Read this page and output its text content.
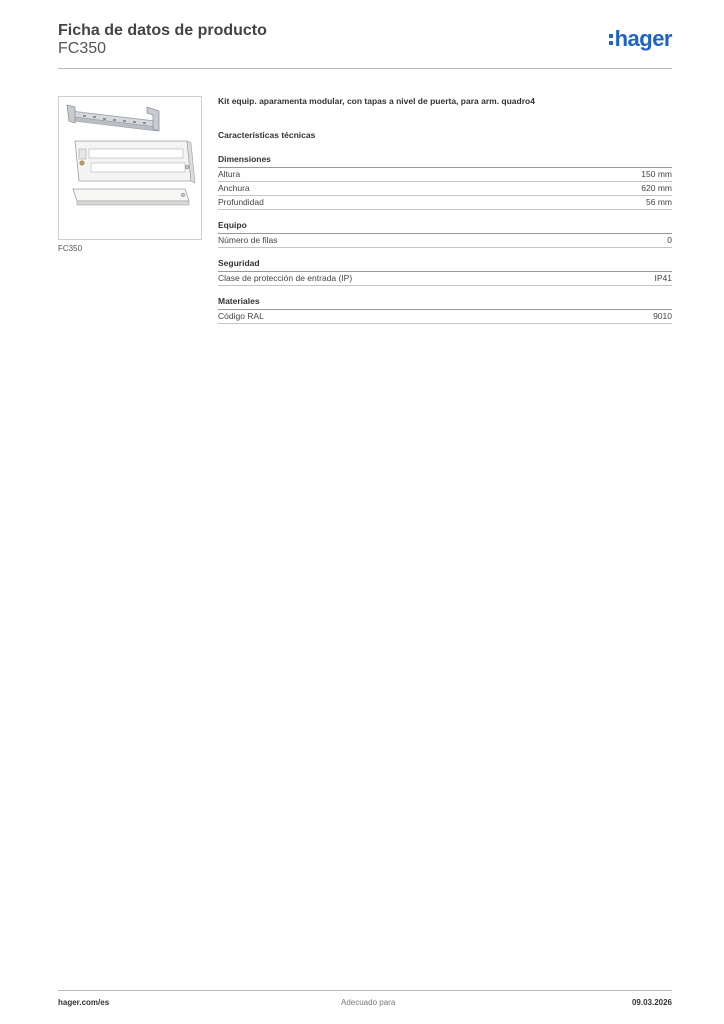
Ficha de datos de producto
FC350	hager
FC350

Kit equip. aparamenta modular, con tapas a nivel de puerta, para arm. quadro4

Características técnicas
Dimensiones
Altura	150 mm
Anchura	620 mm
Profundidad	56 mm
Equipo
Número de filas	0
Seguridad
Clase de protección de entrada (IP)	IP41
Materiales
Código RAL	9010
hager.com/es	Adecuado para	09.03.2026
